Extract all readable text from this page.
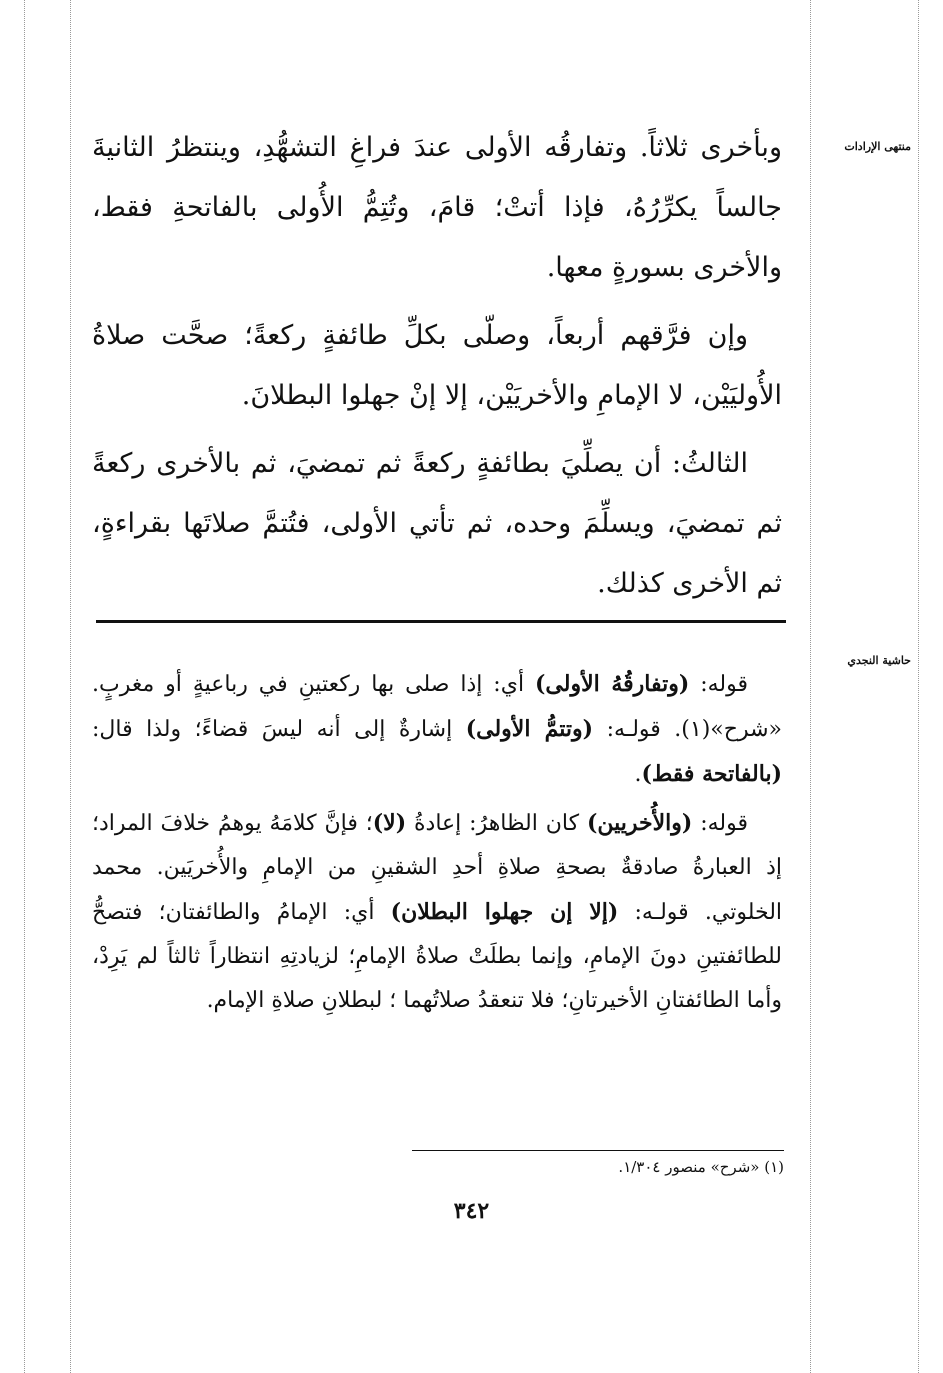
منتهى الإرادات
حاشية النجدي

وبأخرى ثلاثاً. وتفارقُه الأولى عندَ فراغِ التشهُّدِ، وينتظرُ الثانيةَ جالساً يكرِّرُهُ، فإذا أتتْ؛ قامَ، وتُتِمُّ الأُولى بالفاتحةِ فقط، والأخرى بسورةٍ معها.

وإن فرَّقهم أربعاً، وصلّى بكلِّ طائفةٍ ركعةً؛ صحَّت صلاةُ الأُوليَيْن، لا الإمامِ والأخريَيْن، إلا إنْ جهلوا البطلانَ.

الثالثُ: أن يصلِّيَ بطائفةٍ ركعةً ثم تمضيَ، ثم بالأخرى ركعةً ثم تمضيَ، ويسلِّمَ وحده، ثم تأتي الأولى، فتُتمَّ صلاتَها بقراءةٍ، ثم الأخرى كذلك.

قوله: (وتفارقُهُ الأولى) أي: إذا صلى بها ركعتينِ في رباعيةٍ أو مغربٍ. «شرح»(١). قولـه: (وتتمُّ الأولى) إشارةٌ إلى أنه ليسَ قضاءً؛ ولذا قال: (بالفاتحة فقط).

قوله: (والأُخريين) كان الظاهرُ: إعادةُ (لا)؛ فإنَّ كلامَهُ يوهمُ خلافَ المراد؛ إذ العبارةُ صادقةٌ بصحةِ صلاةِ أحدِ الشقينِ من الإمامِ والأُخريَين. محمد الخلوتي. قولـه: (إلا إن جهلوا البطلان) أي: الإمامُ والطائفتان؛ فتصحُّ للطائفتينِ دونَ الإمامِ، وإنما بطلَتْ صلاةُ الإمامِ؛ لزيادتِهِ انتظاراً ثالثاً لم يَرِدْ، وأما الطائفتانِ الأخيرتانِ؛ فلا تنعقدُ صلاتُهما ؛ لبطلانِ صلاةِ الإمام.

(١) «شرح» منصور ١/٣٠٤.
٣٤٢
